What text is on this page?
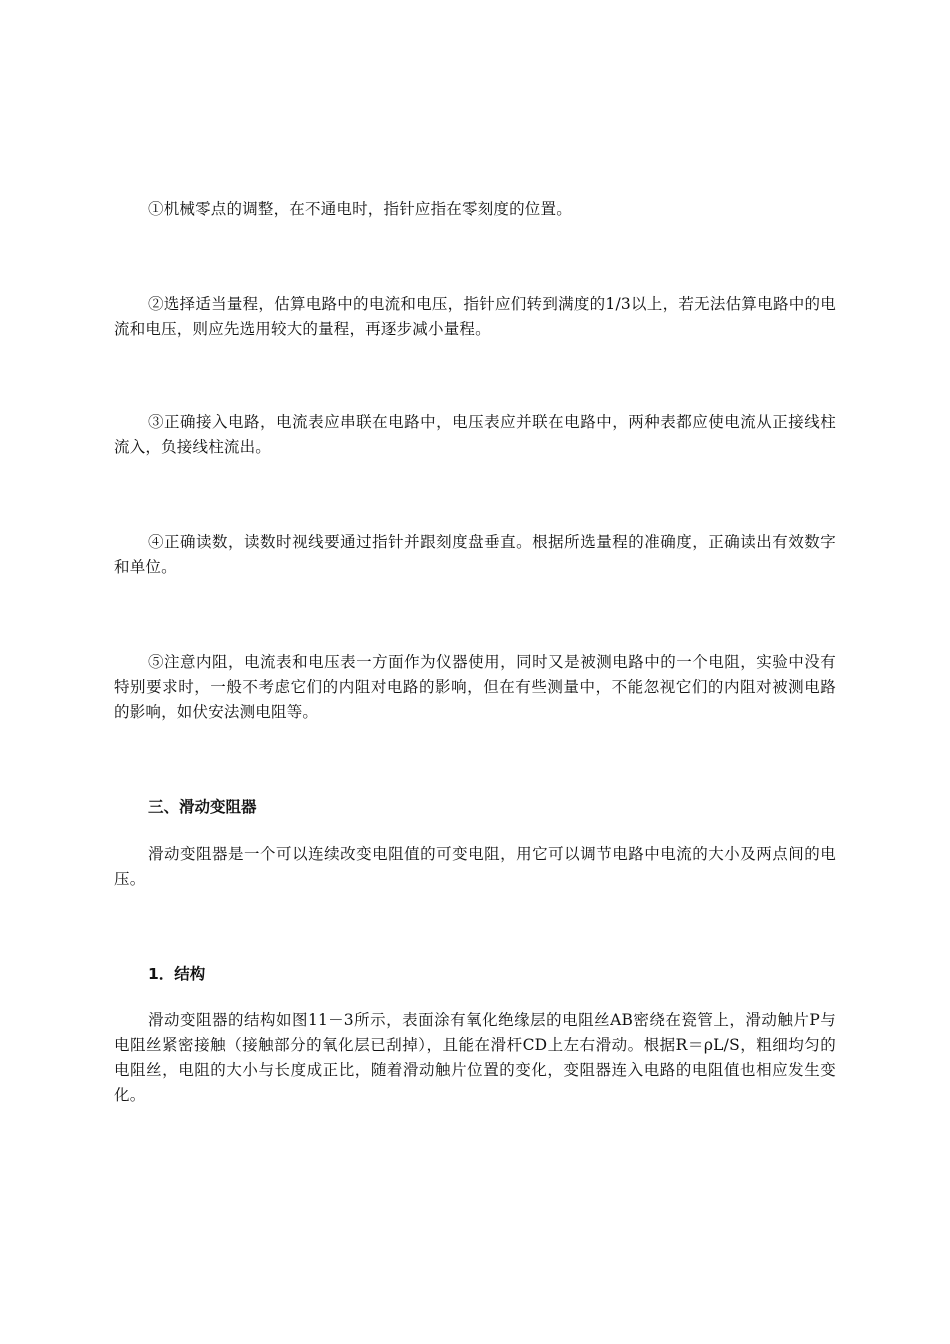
①机械零点的调整，在不通电时，指针应指在零刻度的位置。

②选择适当量程，估算电路中的电流和电压，指针应们转到满度的1/3以上，若无法估算电路中的电流和电压，则应先选用较大的量程，再逐步减小量程。

③正确接入电路，电流表应串联在电路中，电压表应并联在电路中，两种表都应使电流从正接线柱流入，负接线柱流出。

④正确读数，读数时视线要通过指针并跟刻度盘垂直。根据所选量程的准确度，正确读出有效数字和单位。

⑤注意内阻，电流表和电压表一方面作为仪器使用，同时又是被测电路中的一个电阻，实验中没有特别要求时，一般不考虑它们的内阻对电路的影响，但在有些测量中，不能忽视它们的内阻对被测电路的影响，如伏安法测电阻等。

三、滑动变阻器

滑动变阻器是一个可以连续改变电阻值的可变电阻，用它可以调节电路中电流的大小及两点间的电压。

1．结构

滑动变阻器的结构如图11－3所示，表面涂有氧化绝缘层的电阻丝AB密绕在瓷管上，滑动触片P与电阻丝紧密接触（接触部分的氧化层已刮掉），且能在滑杆CD上左右滑动。根据R＝ρL/S，粗细均匀的电阻丝，电阻的大小与长度成正比，随着滑动触片位置的变化，变阻器连入电路的电阻值也相应发生变化。
